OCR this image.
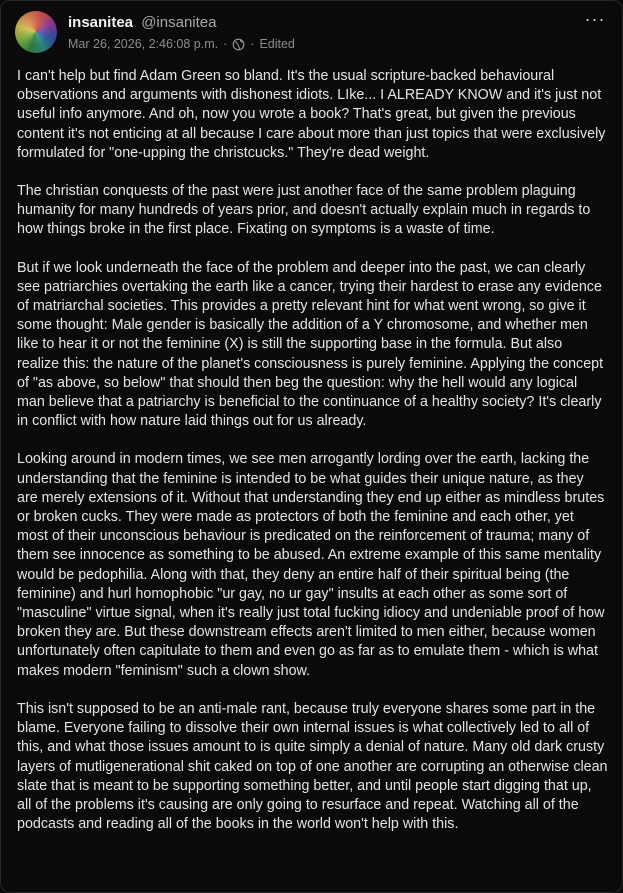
insanitea @insanitea
Mar 26, 2026, 2:46:08 p.m. · · Edited
···

I can't help but find Adam Green so bland. It's the usual scripture-backed behavioural observations and arguments with dishonest idiots. LIke... I ALREADY KNOW and it's just not useful info anymore. And oh, now you wrote a book? That's great, but given the previous content it's not enticing at all because I care about more than just topics that were exclusively formulated for "one-upping the christcucks." They're dead weight.

The christian conquests of the past were just another face of the same problem plaguing humanity for many hundreds of years prior, and doesn't actually explain much in regards to how things broke in the first place. Fixating on symptoms is a waste of time.

But if we look underneath the face of the problem and deeper into the past, we can clearly see patriarchies overtaking the earth like a cancer, trying their hardest to erase any evidence of matriarchal societies. This provides a pretty relevant hint for what went wrong, so give it some thought: Male gender is basically the addition of a Y chromosome, and whether men like to hear it or not the feminine (X) is still the supporting base in the formula. But also realize this: the nature of the planet's consciousness is purely feminine. Applying the concept of "as above, so below" that should then beg the question: why the hell would any logical man believe that a patriarchy is beneficial to the continuance of a healthy society? It's clearly in conflict with how nature laid things out for us already.

Looking around in modern times, we see men arrogantly lording over the earth, lacking the understanding that the feminine is intended to be what guides their unique nature, as they are merely extensions of it. Without that understanding they end up either as mindless brutes or broken cucks. They were made as protectors of both the feminine and each other, yet most of their unconscious behaviour is predicated on the reinforcement of trauma; many of them see innocence as something to be abused. An extreme example of this same mentality would be pedophilia. Along with that, they deny an entire half of their spiritual being (the feminine) and hurl homophobic "ur gay, no ur gay" insults at each other as some sort of "masculine" virtue signal, when it's really just total fucking idiocy and undeniable proof of how broken they are. But these downstream effects aren't limited to men either, because women unfortunately often capitulate to them and even go as far as to emulate them - which is what makes modern "feminism" such a clown show.

This isn't supposed to be an anti-male rant, because truly everyone shares some part in the blame. Everyone failing to dissolve their own internal issues is what collectively led to all of this, and what those issues amount to is quite simply a denial of nature. Many old dark crusty layers of mutligenerational shit caked on top of one another are corrupting an otherwise clean slate that is meant to be supporting something better, and until people start digging that up, all of the problems it's causing are only going to resurface and repeat. Watching all of the podcasts and reading all of the books in the world won't help with this.
